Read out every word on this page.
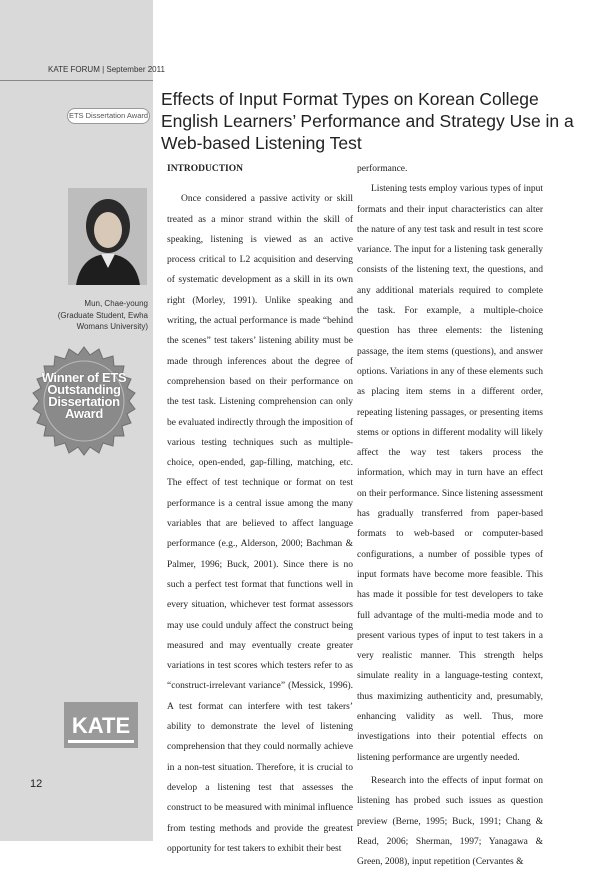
KATE FORUM | September 2011
ETS Dissertation Award
Effects of Input Format Types on Korean College English Learners’ Performance and Strategy Use in a Web-based Listening Test
Mun, Chae-young
(Graduate Student, Ewha Womans University)
Winner of ETS Outstanding Dissertation Award
KATE
12

INTRODUCTION

Once considered a passive activity or skill treated as a minor strand within the skill of speaking, listening is viewed as an active process critical to L2 acquisition and deserving of systematic development as a skill in its own right (Morley, 1991). Unlike speaking and writing, the actual performance is made “behind the scenes” test takers’ listening ability must be made through inferences about the degree of comprehension based on their performance on the test task. Listening comprehension can only be evaluated indirectly through the imposition of various testing techniques such as multiple-choice, open-ended, gap-filling, matching, etc. The effect of test technique or format on test performance is a central issue among the many variables that are believed to affect language performance (e.g., Alderson, 2000; Bachman & Palmer, 1996; Buck, 2001). Since there is no such a perfect test format that functions well in every situation, whichever test format assessors may use could unduly affect the construct being measured and may eventually create greater variations in test scores which testers refer to as “construct-irrelevant variance” (Messick, 1996). A test format can interfere with test takers’ ability to demonstrate the level of listening comprehension that they could normally achieve in a non-test situation. Therefore, it is crucial to develop a listening test that assesses the construct to be measured with minimal influence from testing methods and provide the greatest opportunity for test takers to exhibit their best

performance.

Listening tests employ various types of input formats and their input characteristics can alter the nature of any test task and result in test score variance. The input for a listening task generally consists of the listening text, the questions, and any additional materials required to complete the task. For example, a multiple-choice question has three elements: the listening passage, the item stems (questions), and answer options. Variations in any of these elements such as placing item stems in a different order, repeating listening passages, or presenting items stems or options in different modality will likely affect the way test takers process the information, which may in turn have an effect on their performance. Since listening assessment has gradually transferred from paper-based formats to web-based or computer-based configurations, a number of possible types of input formats have become more feasible. This has made it possible for test developers to take full advantage of the multi-media mode and to present various types of input to test takers in a very realistic manner. This strength helps simulate reality in a language-testing context, thus maximizing authenticity and, presumably, enhancing validity as well. Thus, more investigations into their potential effects on listening performance are urgently needed.

Research into the effects of input format on listening has probed such issues as question preview (Berne, 1995; Buck, 1991; Chang & Read, 2006; Sherman, 1997; Yanagawa & Green, 2008), input repetition (Cervantes &
